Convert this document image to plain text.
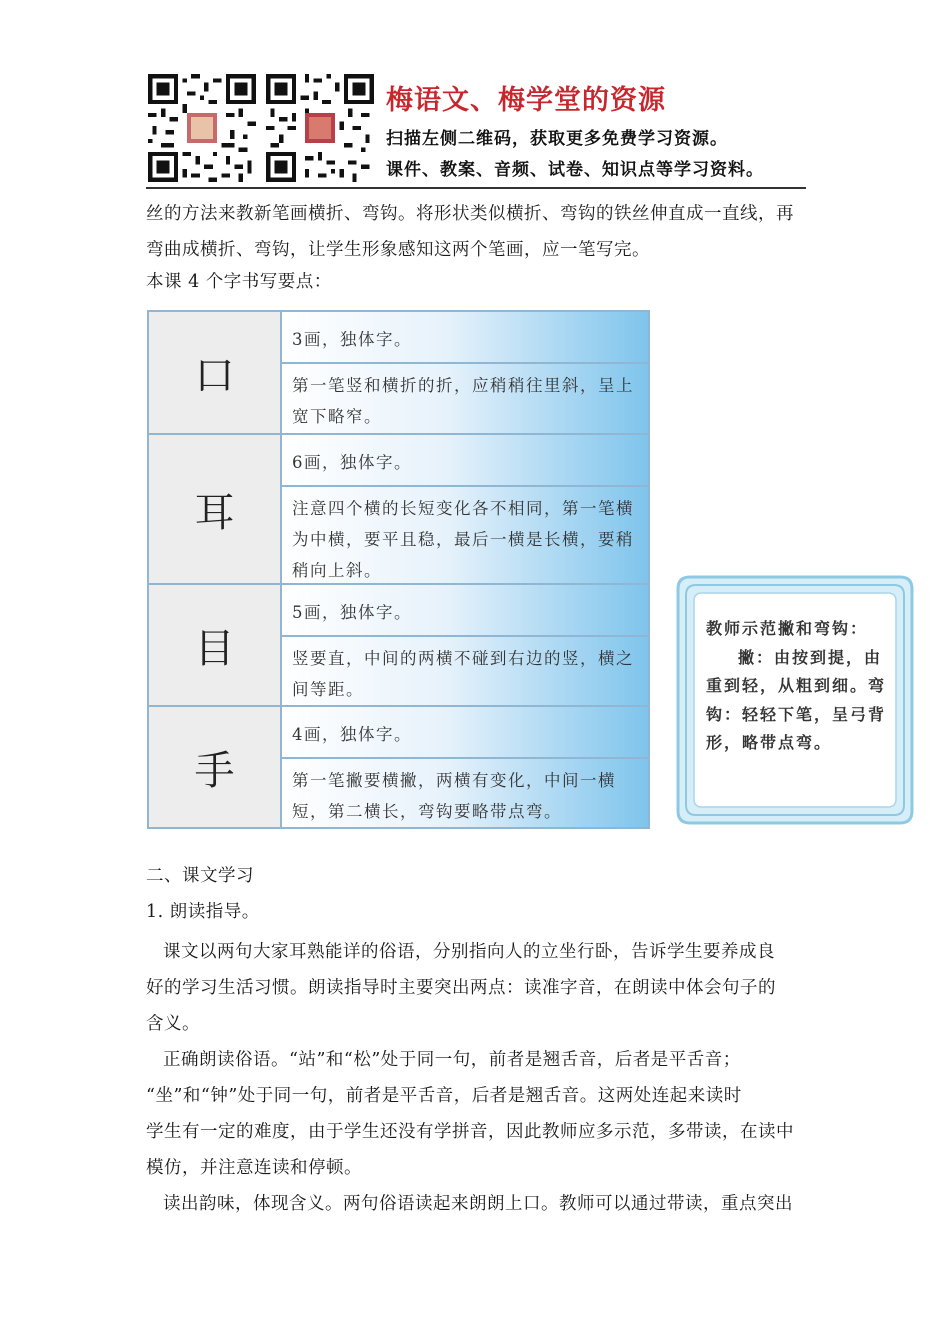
梅语文、梅学堂的资源
扫描左侧二维码，获取更多免费学习资源。
课件、教案、音频、试卷、知识点等学习资料。
丝的方法来教新笔画横折、弯钩。将形状类似横折、弯钩的铁丝伸直成一直线，再
弯曲成横折、弯钩，让学生形象感知这两个笔画，应一笔写完。
本课 4 个字书写要点：
口
3画，独体字。
第一笔竖和横折的折，应稍稍往里斜，呈上宽下略窄。
耳
6画，独体字。
注意四个横的长短变化各不相同，第一笔横为中横，要平且稳，最后一横是长横，要稍稍向上斜。
目
5画，独体字。
竖要直，中间的两横不碰到右边的竖，横之间等距。
手
4画，独体字。
第一笔撇要横撇，两横有变化，中间一横短，第二横长，弯钩要略带点弯。
教师示范撇和弯钩：
撇：由按到提，由重到轻，从粗到细。弯钩：轻轻下笔，呈弓背形，略带点弯。
二、课文学习
1. 朗读指导。
课文以两句大家耳熟能详的俗语，分别指向人的立坐行卧，告诉学生要养成良
好的学习生活习惯。朗读指导时主要突出两点：读准字音，在朗读中体会句子的
含义。
正确朗读俗语。“站”和“松”处于同一句，前者是翘舌音，后者是平舌音；
“坐”和“钟”处于同一句，前者是平舌音，后者是翘舌音。这两处连起来读时
学生有一定的难度，由于学生还没有学拼音，因此教师应多示范，多带读，在读中
模仿，并注意连读和停顿。
读出韵味，体现含义。两句俗语读起来朗朗上口。教师可以通过带读，重点突出
